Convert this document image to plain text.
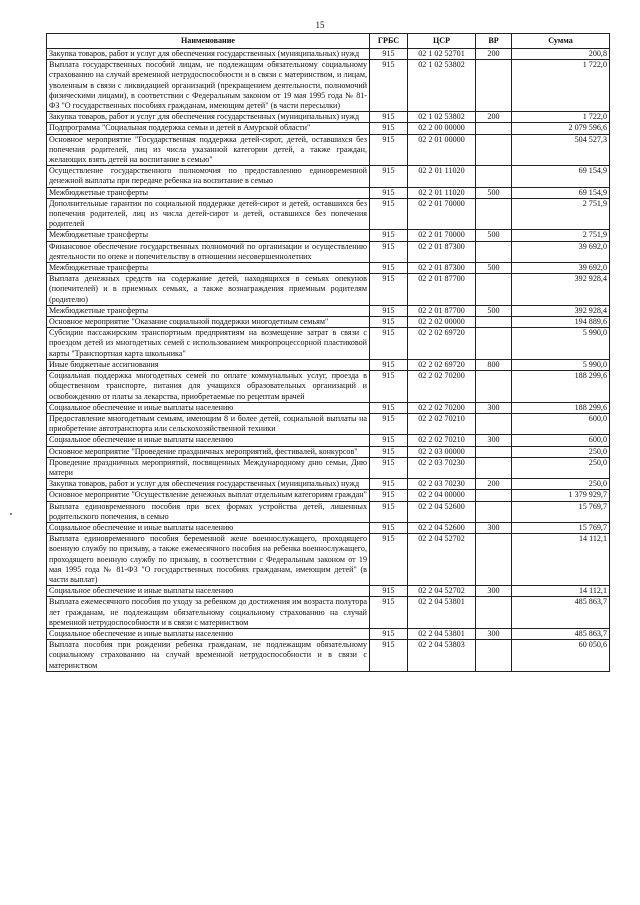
15
Наименование	ГРБС	ЦСР	ВР	Сумма
Закупка товаров, работ и услуг для обеспечения государственных (муниципальных) нужд	915	02 1 02 52701	200	200,8
Выплата государственных пособий лицам, не подлежащим обязательному социальному страхованию на случай временной нетрудоспособности и в связи с материнством, и лицам, уволенным в связи с ликвидацией организаций (прекращением деятельности, полномочий физическими лицами), в соответствии с Федеральным законом от 19 мая 1995 года № 81-ФЗ "О государственных пособиях гражданам, имеющим детей" (в части пересылки)	915	02 1 02 53802		1 722,0
Закупка товаров, работ и услуг для обеспечения государственных (муниципальных) нужд	915	02 1 02 53802	200	1 722,0
Подпрограмма "Социальная поддержка семьи и детей в Амурской области"	915	02 2 00 00000		2 079 596,6
Основное мероприятие "Государственная поддержка детей-сирот, детей, оставшихся без попечения родителей, лиц из числа указанной категории детей, а также граждан, желающих взять детей на воспитание в семью"	915	02 2 01 00000		504 527,3
Осуществление государственного полномочия по предоставлению единовременной денежной выплаты при передаче ребенка на воспитание в семью	915	02 2 01 11020		69 154,9
Межбюджетные трансферты	915	02 2 01 11020	500	69 154,9
Дополнительные гарантии по социальной поддержке детей-сирот и детей, оставшихся без попечения родителей, лиц из числа детей-сирот и детей, оставшихся без попечения родителей	915	02 2 01 70000		2 751,9
Межбюджетные трансферты	915	02 2 01 70000	500	2 751,9
Финансовое обеспечение государственных полномочий по организации и осуществлению деятельности по опеке и попечительству в отношении несовершеннолетних	915	02 2 01 87300		39 692,0
Межбюджетные трансферты	915	02 2 01 87300	500	39 692,0
Выплата денежных средств на содержание детей, находящихся в семьях опекунов (попечителей) и в приемных семьях, а также вознаграждения приемным родителям (родителю)	915	02 2 01 87700		392 928,4
Межбюджетные трансферты	915	02 2 01 87700	500	392 928,4
Основное мероприятие "Оказание социальной поддержки многодетным семьям"	915	02 2 02 00000		194 889,6
Субсидии пассажирским транспортным предприятиям на возмещение затрат в связи с проездом детей из многодетных семей с использованием микропроцессорной пластиковой карты "Транспортная карта школьника"	915	02 2 02 69720		5 990,0
Иные бюджетные ассигнования	915	02 2 02 69720	800	5 990,0
Социальная поддержка многодетных семей по оплате коммунальных услуг, проезда в общественном транспорте, питания для учащихся образовательных организаций и освобождению от платы за лекарства, приобретаемые по рецептам врачей	915	02 2 02 70200		188 299,6
Социальное обеспечение и иные выплаты населению	915	02 2 02 70200	300	188 299,6
Предоставление многодетным семьям, имеющим 8 и более детей, социальной выплаты на приобретение автотранспорта или сельскохозяйственной техники	915	02 2 02 70210		600,0
Социальное обеспечение и иные выплаты населению	915	02 2 02 70210	300	600,0
Основное мероприятие "Проведение праздничных мероприятий, фестивалей, конкурсов"	915	02 2 03 00000		250,0
Проведение праздничных мероприятий, посвященных Международному дню семьи, Дню матери	915	02 2 03 70230		250,0
Закупка товаров, работ и услуг для обеспечения государственных (муниципальных) нужд	915	02 2 03 70230	200	250,0
Основное мероприятие "Осуществление денежных выплат отдельным категориям граждан"	915	02 2 04 00000		1 379 929,7
Выплата единовременного пособия при всех формах устройства детей, лишенных родительского попечения, в семью	915	02 2 04 52600		15 769,7
Социальное обеспечение и иные выплаты населению	915	02 2 04 52600	300	15 769,7
Выплата единовременного пособия беременной жене военнослужащего, проходящего военную службу по призыву, а также ежемесячного пособия на ребенка военнослужащего, проходящего военную службу по призыву, в соответствии с Федеральным законом от 19 мая 1995 года № 81-ФЗ "О государственных пособиях гражданам, имеющим детей" (в части выплат)	915	02 2 04 52702		14 112,1
Социальное обеспечение и иные выплаты населению	915	02 2 04 52702	300	14 112,1
Выплата ежемесячного пособия по уходу за ребенком до достижения им возраста полутора лет гражданам, не подлежащим обязательному социальному страхованию на случай временной нетрудоспособности и в связи с материнством	915	02 2 04 53801		485 863,7
Социальное обеспечение и иные выплаты населению	915	02 2 04 53801	300	485 863,7
Выплата пособия при рождении ребенка гражданам, не подлежащим обязательному социальному страхованию на случай временной нетрудоспособности и в связи с материнством	915	02 2 04 53803		60 050,6
